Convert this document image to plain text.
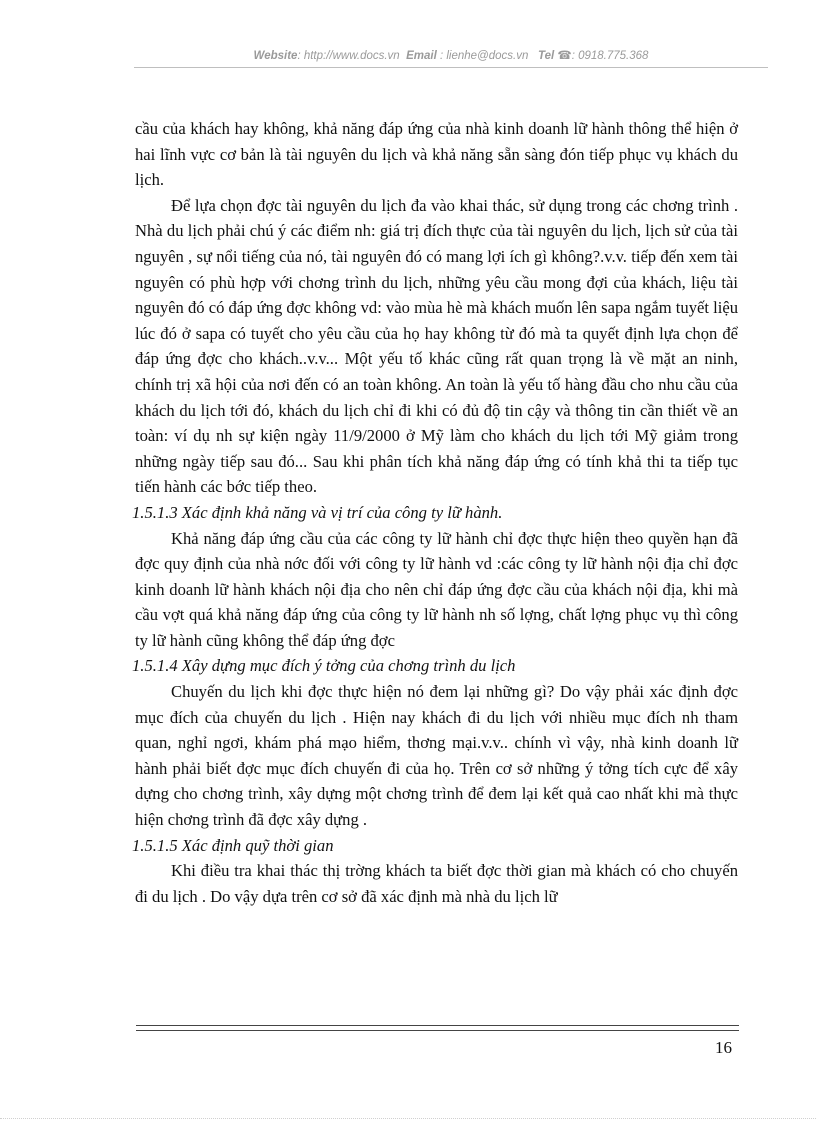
Website: http://www.docs.vn Email : lienhe@docs.vn Tel ☎: 0918.775.368

cầu của khách hay không, khả năng đáp ứng của nhà kinh doanh lữ hành thông thể hiện ở hai lĩnh vực cơ bản là tài nguyên du lịch và khả năng sẵn sàng đón tiếp phục vụ khách du lịch.

Để lựa chọn đợc tài nguyên du lịch đa vào khai thác, sử dụng trong các chơng trình . Nhà du lịch phải chú ý các điểm nh: giá trị đích thực của tài nguyên du lịch, lịch sử của tài nguyên , sự nổi tiếng của nó, tài nguyên đó có mang lợi ích gì không?.v.v. tiếp đến xem tài nguyên có phù hợp với chơng trình du lịch, những yêu cầu mong đợi của khách, liệu tài nguyên đó có đáp ứng đợc không vd: vào mùa hè mà khách muốn lên sapa ngắm tuyết liệu lúc đó ở sapa có tuyết cho yêu cầu của họ hay không từ đó mà ta quyết định lựa chọn để đáp ứng đợc cho khách..v.v... Một yếu tố khác cũng rất quan trọng là về mặt an ninh, chính trị xã hội của nơi đến có an toàn không. An toàn là yếu tố hàng đầu cho nhu cầu của khách du lịch tới đó, khách du lịch chỉ đi khi có đủ độ tin cậy và thông tin cần thiết về an toàn: ví dụ nh sự kiện ngày 11/9/2000 ở Mỹ làm cho khách du lịch tới Mỹ giảm trong những ngày tiếp sau đó... Sau khi phân tích khả năng đáp ứng có tính khả thi ta tiếp tục tiến hành các bớc tiếp theo.

1.5.1.3 Xác định khả năng và vị trí của công ty lữ hành.

Khả năng đáp ứng cầu của các công ty lữ hành chỉ đợc thực hiện theo quyền hạn đã đợc quy định của nhà nớc đối với công ty lữ hành vd :các công ty lữ hành nội địa chỉ đợc kinh doanh lữ hành khách nội địa cho nên chỉ đáp ứng đợc cầu của khách nội địa, khi mà cầu vợt quá khả năng đáp ứng của công ty lữ hành nh số lợng, chất lợng phục vụ thì công ty lữ hành cũng không thể đáp ứng đợc

1.5.1.4 Xây dựng mục đích ý tởng của chơng trình du lịch

Chuyến du lịch khi đợc thực hiện nó đem lại những gì? Do vậy phải xác định đợc mục đích của chuyến du lịch . Hiện nay khách đi du lịch với nhiều mục đích nh tham quan, nghỉ ngơi, khám phá mạo hiểm, thơng mại.v.v.. chính vì vậy, nhà kinh doanh lữ hành phải biết đợc mục đích chuyến đi của họ. Trên cơ sở những ý tởng tích cực để xây dựng cho chơng trình, xây dựng một chơng trình để đem lại kết quả cao nhất khi mà thực hiện chơng trình đã đợc xây dựng .

1.5.1.5 Xác định quỹ thời gian

Khi điều tra khai thác thị trờng khách ta biết đợc thời gian mà khách có cho chuyến đi du lịch . Do vậy dựa trên cơ sở đã xác định mà nhà du lịch lữ

16
